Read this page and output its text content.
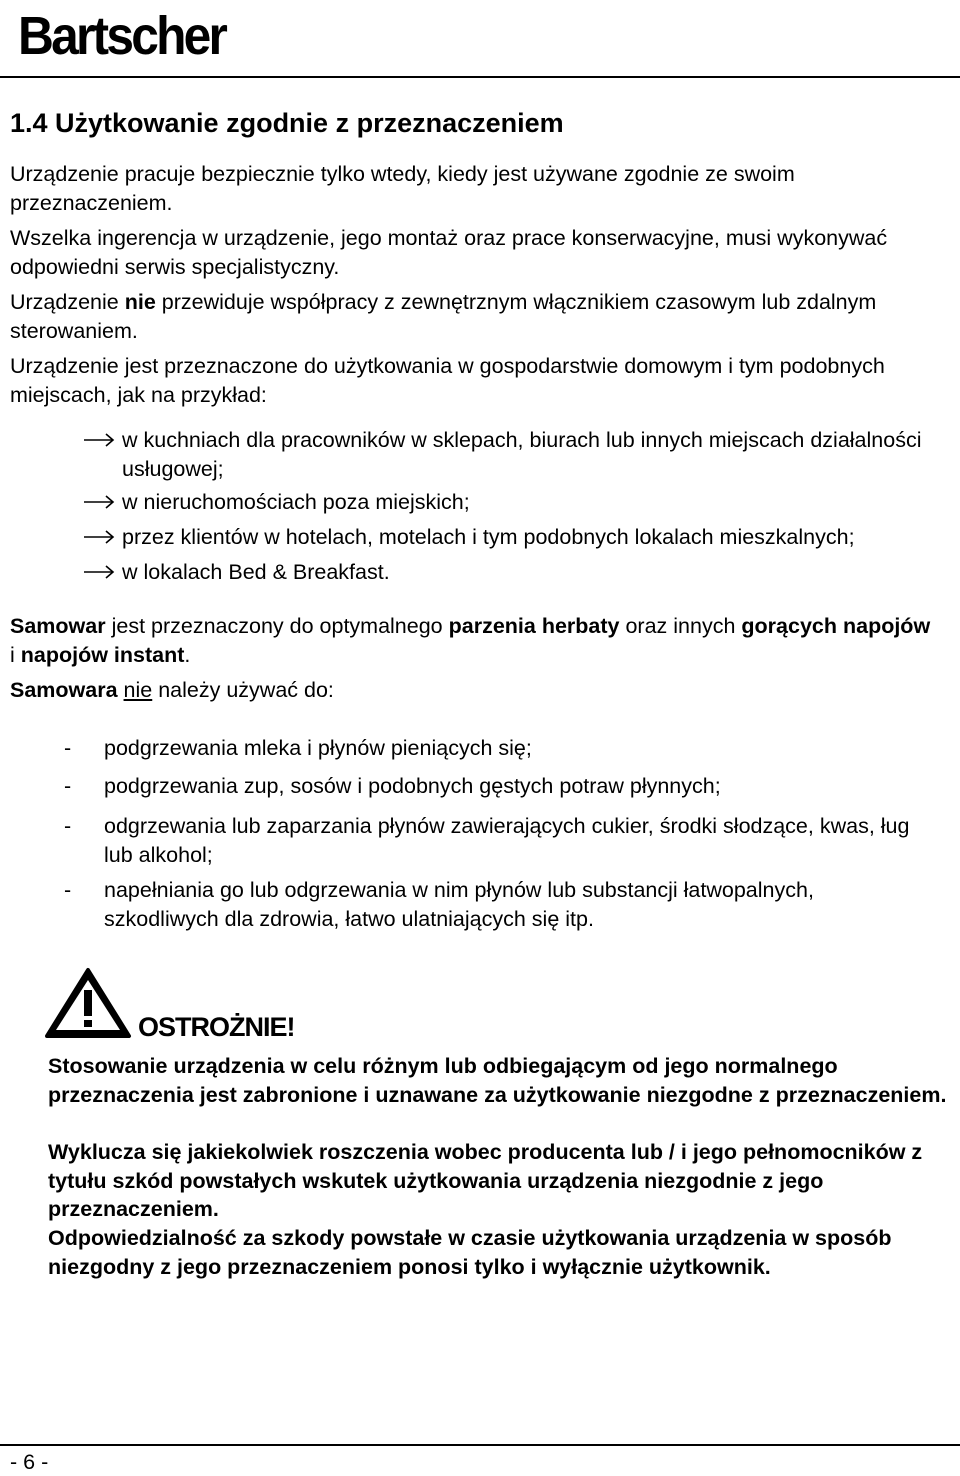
Bartscher
1.4 Użytkowanie zgodnie z przeznaczeniem

Urządzenie pracuje bezpiecznie tylko wtedy, kiedy jest używane zgodnie ze swoim przeznaczeniem.

Wszelka ingerencja w urządzenie, jego montaż oraz prace konserwacyjne, musi wykonywać odpowiedni serwis specjalistyczny.

Urządzenie nie przewiduje współpracy z zewnętrznym włącznikiem czasowym lub zdalnym sterowaniem.

Urządzenie jest przeznaczone do użytkowania w gospodarstwie domowym i tym podobnych miejscach, jak na przykład:

w kuchniach dla pracowników w sklepach, biurach lub innych miejscach działalności usługowej;
w nieruchomościach poza miejskich;
przez klientów w hotelach, motelach i tym podobnych lokalach mieszkalnych;
w lokalach Bed & Breakfast.

Samowar jest przeznaczony do optymalnego parzenia herbaty oraz innych gorących napojów i napojów instant.

Samowara nie należy używać do:

- podgrzewania mleka i płynów pieniących się;
- podgrzewania zup, sosów i podobnych gęstych potraw płynnych;
- odgrzewania lub zaparzania płynów zawierających cukier, środki słodzące, kwas, ług lub alkohol;
- napełniania go lub odgrzewania w nim płynów lub substancji łatwopalnych, szkodliwych dla zdrowia, łatwo ulatniających się itp.
OSTROŻNIE!

Stosowanie urządzenia w celu różnym lub odbiegającym od jego normalnego przeznaczenia jest zabronione i uznawane za użytkowanie niezgodne z przeznaczeniem.

Wyklucza się jakiekolwiek roszczenia wobec producenta lub / i jego pełnomocników z tytułu szkód powstałych wskutek użytkowania urządzenia niezgodnie z jego przeznaczeniem.

Odpowiedzialność za szkody powstałe w czasie użytkowania urządzenia w sposób niezgodny z jego przeznaczeniem ponosi tylko i wyłącznie użytkownik.

- 6 -
